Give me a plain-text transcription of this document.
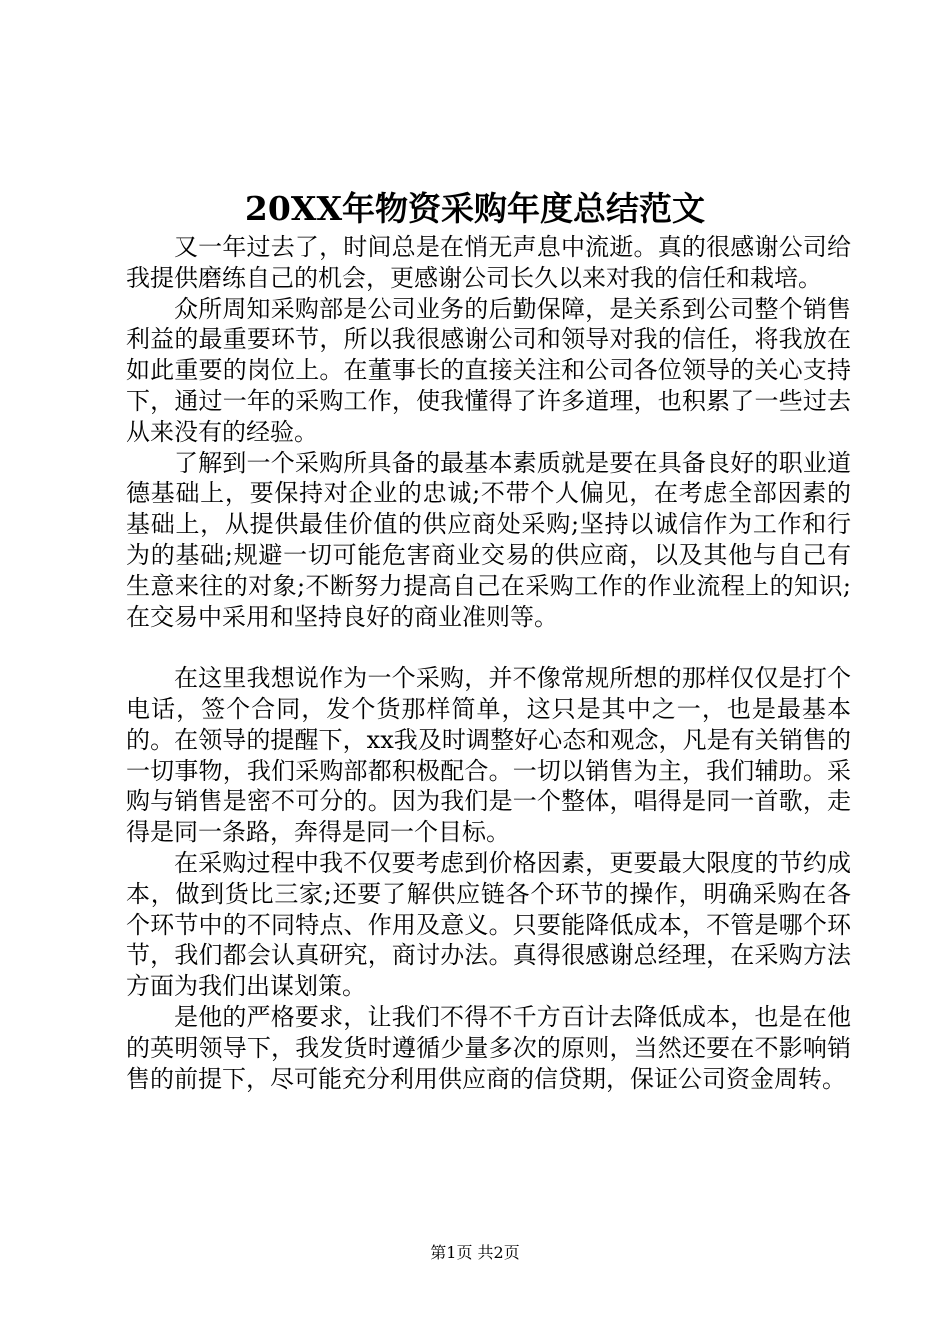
20XX年物资采购年度总结范文

又一年过去了，时间总是在悄无声息中流逝。真的很感谢公司给我提供磨练自己的机会，更感谢公司长久以来对我的信任和栽培。

众所周知采购部是公司业务的后勤保障，是关系到公司整个销售利益的最重要环节，所以我很感谢公司和领导对我的信任，将我放在如此重要的岗位上。在董事长的直接关注和公司各位领导的关心支持下，通过一年的采购工作，使我懂得了许多道理，也积累了一些过去从来没有的经验。

了解到一个采购所具备的最基本素质就是要在具备良好的职业道德基础上，要保持对企业的忠诚;不带个人偏见，在考虑全部因素的基础上，从提供最佳价值的供应商处采购;坚持以诚信作为工作和行为的基础;规避一切可能危害商业交易的供应商，以及其他与自己有生意来往的对象;不断努力提高自己在采购工作的作业流程上的知识;在交易中采用和坚持良好的商业准则等。

在这里我想说作为一个采购，并不像常规所想的那样仅仅是打个电话，签个合同，发个货那样简单，这只是其中之一，也是最基本的。在领导的提醒下，xx我及时调整好心态和观念，凡是有关销售的一切事物，我们采购部都积极配合。一切以销售为主，我们辅助。采购与销售是密不可分的。因为我们是一个整体，唱得是同一首歌，走得是同一条路，奔得是同一个目标。

在采购过程中我不仅要考虑到价格因素，更要最大限度的节约成本，做到货比三家;还要了解供应链各个环节的操作，明确采购在各个环节中的不同特点、作用及意义。只要能降低成本，不管是哪个环节，我们都会认真研究，商讨办法。真得很感谢总经理，在采购方法方面为我们出谋划策。

是他的严格要求，让我们不得不千方百计去降低成本，也是在他的英明领导下，我发货时遵循少量多次的原则，当然还要在不影响销售的前提下，尽可能充分利用供应商的信贷期，保证公司资金周转。

第1页 共2页
